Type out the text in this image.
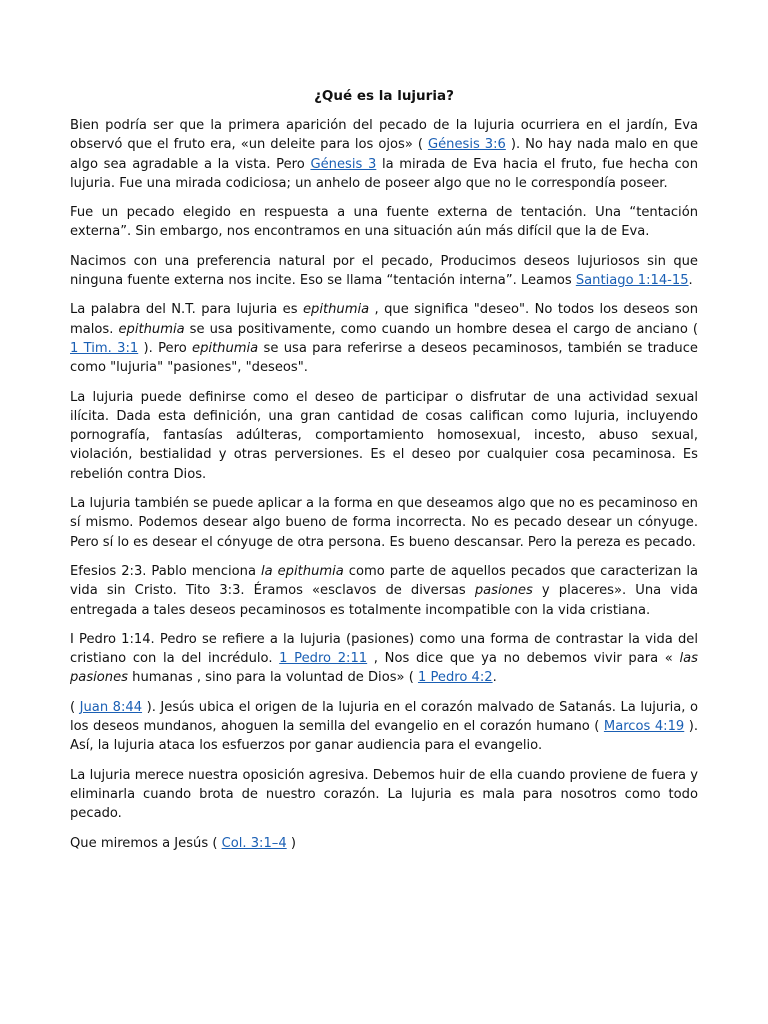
¿Qué es la lujuria?

Bien podría ser que la primera aparición del pecado de la lujuria ocurriera en el jardín, Eva observó que el fruto era, «un deleite para los ojos» ( Génesis 3:6 ). No hay nada malo en que algo sea agradable a la vista. Pero Génesis 3 la mirada de Eva hacia el fruto, fue hecha con lujuria. Fue una mirada codiciosa; un anhelo de poseer algo que no le correspondía poseer.

Fue un pecado elegido en respuesta a una fuente externa de tentación. Una “tentación externa”. Sin embargo, nos encontramos en una situación aún más difícil que la de Eva.

Nacimos con una preferencia natural por el pecado, Producimos deseos lujuriosos sin que ninguna fuente externa nos incite. Eso se llama “tentación interna”. Leamos Santiago 1:14-15.

La palabra del N.T. para lujuria es epithumia , que significa "deseo". No todos los deseos son malos. epithumia se usa positivamente, como cuando un hombre desea el cargo de anciano ( 1 Tim. 3:1 ). Pero epithumia se usa para referirse a deseos pecaminosos, también se traduce como "lujuria" "pasiones", "deseos".

La lujuria puede definirse como el deseo de participar o disfrutar de una actividad sexual ilícita. Dada esta definición, una gran cantidad de cosas califican como lujuria, incluyendo pornografía, fantasías adúlteras, comportamiento homosexual, incesto, abuso sexual, violación, bestialidad y otras perversiones. Es el deseo por cualquier cosa pecaminosa. Es rebelión contra Dios.

La lujuria también se puede aplicar a la forma en que deseamos algo que no es pecaminoso en sí mismo. Podemos desear algo bueno de forma incorrecta. No es pecado desear un cónyuge. Pero sí lo es desear el cónyuge de otra persona. Es bueno descansar. Pero la pereza es pecado.

Efesios 2:3. Pablo menciona la epithumia como parte de aquellos pecados que caracterizan la vida sin Cristo. Tito 3:3. Éramos «esclavos de diversas pasiones y placeres». Una vida entregada a tales deseos pecaminosos es totalmente incompatible con la vida cristiana.

I Pedro 1:14. Pedro se refiere a la lujuria (pasiones) como una forma de contrastar la vida del cristiano con la del incrédulo. 1 Pedro 2:11 , Nos dice que ya no debemos vivir para « las pasiones humanas , sino para la voluntad de Dios» ( 1 Pedro 4:2.

( Juan 8:44 ). Jesús ubica el origen de la lujuria en el corazón malvado de Satanás. La lujuria, o los deseos mundanos, ahoguen la semilla del evangelio en el corazón humano ( Marcos 4:19 ). Así, la lujuria ataca los esfuerzos por ganar audiencia para el evangelio.

La lujuria merece nuestra oposición agresiva. Debemos huir de ella cuando proviene de fuera y eliminarla cuando brota de nuestro corazón. La lujuria es mala para nosotros como todo pecado.

Que miremos a Jesús ( Col. 3:1–4 )
